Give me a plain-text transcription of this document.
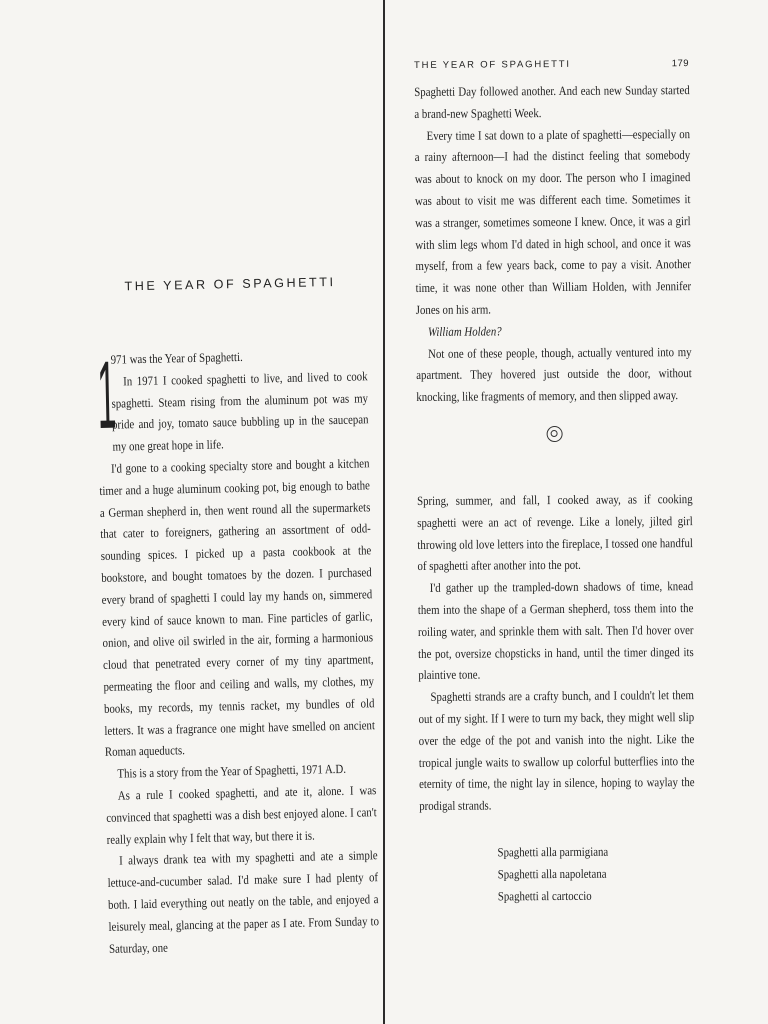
THE YEAR OF SPAGHETTI
1

971 was the Year of Spaghetti.

In 1971 I cooked spaghetti to live, and lived to cook spaghetti. Steam rising from the aluminum pot was my pride and joy, tomato sauce bubbling up in the saucepan my one great hope in life.

I'd gone to a cooking specialty store and bought a kitchen timer and a huge aluminum cooking pot, big enough to bathe a German shepherd in, then went round all the supermarkets that cater to foreigners, gathering an assortment of odd-sounding spices. I picked up a pasta cookbook at the bookstore, and bought tomatoes by the dozen. I purchased every brand of spaghetti I could lay my hands on, simmered every kind of sauce known to man. Fine particles of garlic, onion, and olive oil swirled in the air, forming a harmonious cloud that penetrated every corner of my tiny apartment, permeating the floor and ceiling and walls, my clothes, my books, my records, my tennis racket, my bundles of old letters. It was a fragrance one might have smelled on ancient Roman aqueducts.

This is a story from the Year of Spaghetti, 1971 A.D.

As a rule I cooked spaghetti, and ate it, alone. I was convinced that spaghetti was a dish best enjoyed alone. I can't really explain why I felt that way, but there it is.

I always drank tea with my spaghetti and ate a simple lettuce-and-cucumber salad. I'd make sure I had plenty of both. I laid everything out neatly on the table, and enjoyed a leisurely meal, glancing at the paper as I ate. From Sunday to Saturday, one

THE YEAR OF SPAGHETTI	179

Spaghetti Day followed another. And each new Sunday started a brand-new Spaghetti Week.

Every time I sat down to a plate of spaghetti—especially on a rainy afternoon—I had the distinct feeling that somebody was about to knock on my door. The person who I imagined was about to visit me was different each time. Sometimes it was a stranger, sometimes someone I knew. Once, it was a girl with slim legs whom I'd dated in high school, and once it was myself, from a few years back, come to pay a visit. Another time, it was none other than William Holden, with Jennifer Jones on his arm.

William Holden?

Not one of these people, though, actually ventured into my apartment. They hovered just outside the door, without knocking, like fragments of memory, and then slipped away.

Spring, summer, and fall, I cooked away, as if cooking spaghetti were an act of revenge. Like a lonely, jilted girl throwing old love letters into the fireplace, I tossed one handful of spaghetti after another into the pot.

I'd gather up the trampled-down shadows of time, knead them into the shape of a German shepherd, toss them into the roiling water, and sprinkle them with salt. Then I'd hover over the pot, oversize chopsticks in hand, until the timer dinged its plaintive tone.

Spaghetti strands are a crafty bunch, and I couldn't let them out of my sight. If I were to turn my back, they might well slip over the edge of the pot and vanish into the night. Like the tropical jungle waits to swallow up colorful butterflies into the eternity of time, the night lay in silence, hoping to waylay the prodigal strands.

Spaghetti alla parmigiana
Spaghetti alla napoletana
Spaghetti al cartoccio
